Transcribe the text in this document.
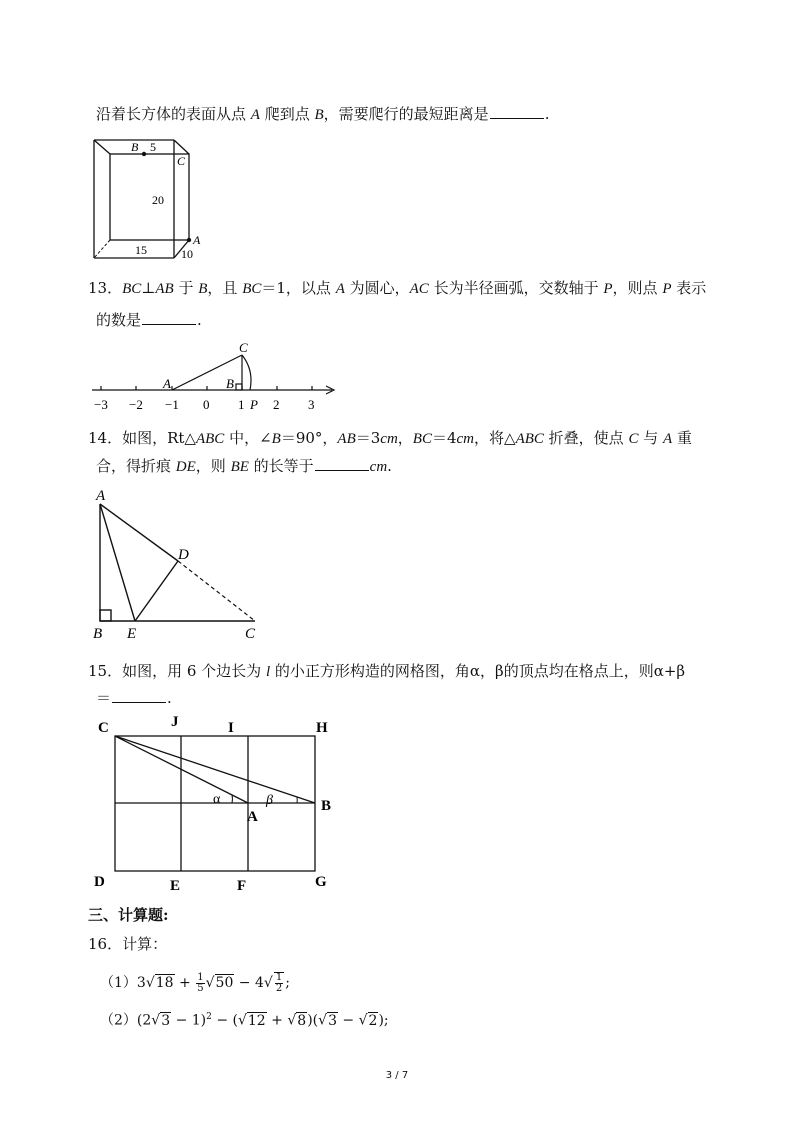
沿着长方体的表面从点 A 爬到点 B，需要爬行的最短距离是	.
B 5
C
20
15
A
10
13．BC⊥AB 于 B，且 BC＝1，以点 A 为圆心，AC 长为半径画弧，交数轴于 P，则点 P 表示
的数是	.
C
A	B
P
−3 −2 −1 0 1 2 3
14．如图，Rt△ABC 中，∠B＝90°，AB＝3cm，BC＝4cm，将△ABC 折叠，使点 C 与 A 重
合，得折痕 DE，则 BE 的长等于	cm.
A
D
B E	C
15．如图，用 6 个边长为 l 的小正方形构造的网格图，角α，β的顶点均在格点上，则α+β
＝	.
C	J	I	H
α	β
A
B
D	E	F	G
三、计算题:
16．计算：
$(1)3√18 + \frac{1}{5} √50 - 4√ \frac{1}{2}$ ;
$(2)(2√3 - 1)^2 - (√12 + √8)(√3 - √2)$;
3 / 7
